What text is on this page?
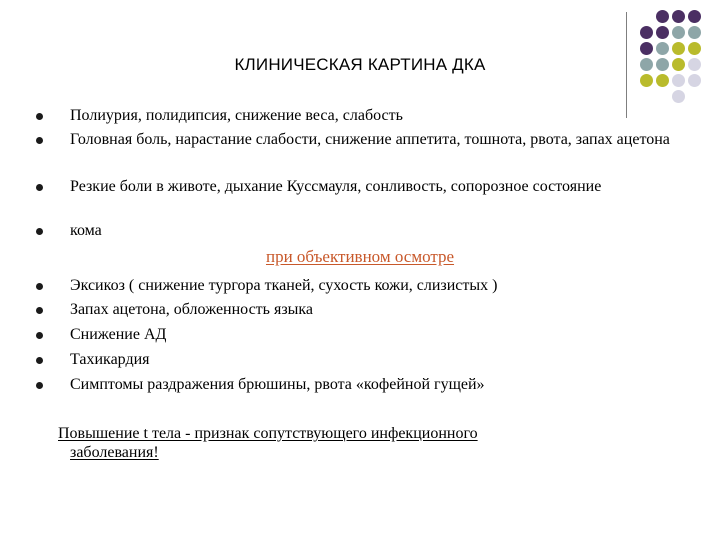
КЛИНИЧЕСКАЯ КАРТИНА ДКА
Полиурия, полидипсия, снижение веса, слабость
Головная боль, нарастание слабости, снижение аппетита, тошнота, рвота, запах ацетона
Резкие боли в животе, дыхание Куссмауля, сонливость, сопорозное состояние
кома
при объективном осмотре
Эксикоз ( снижение тургора тканей, сухость кожи, слизистых )
Запах ацетона, обложенность языка
Снижение АД
Тахикардия
Симптомы раздражения брюшины, рвота «кофейной гущей»
Повышение t тела - признак сопутствующего инфекционного
заболевания!
